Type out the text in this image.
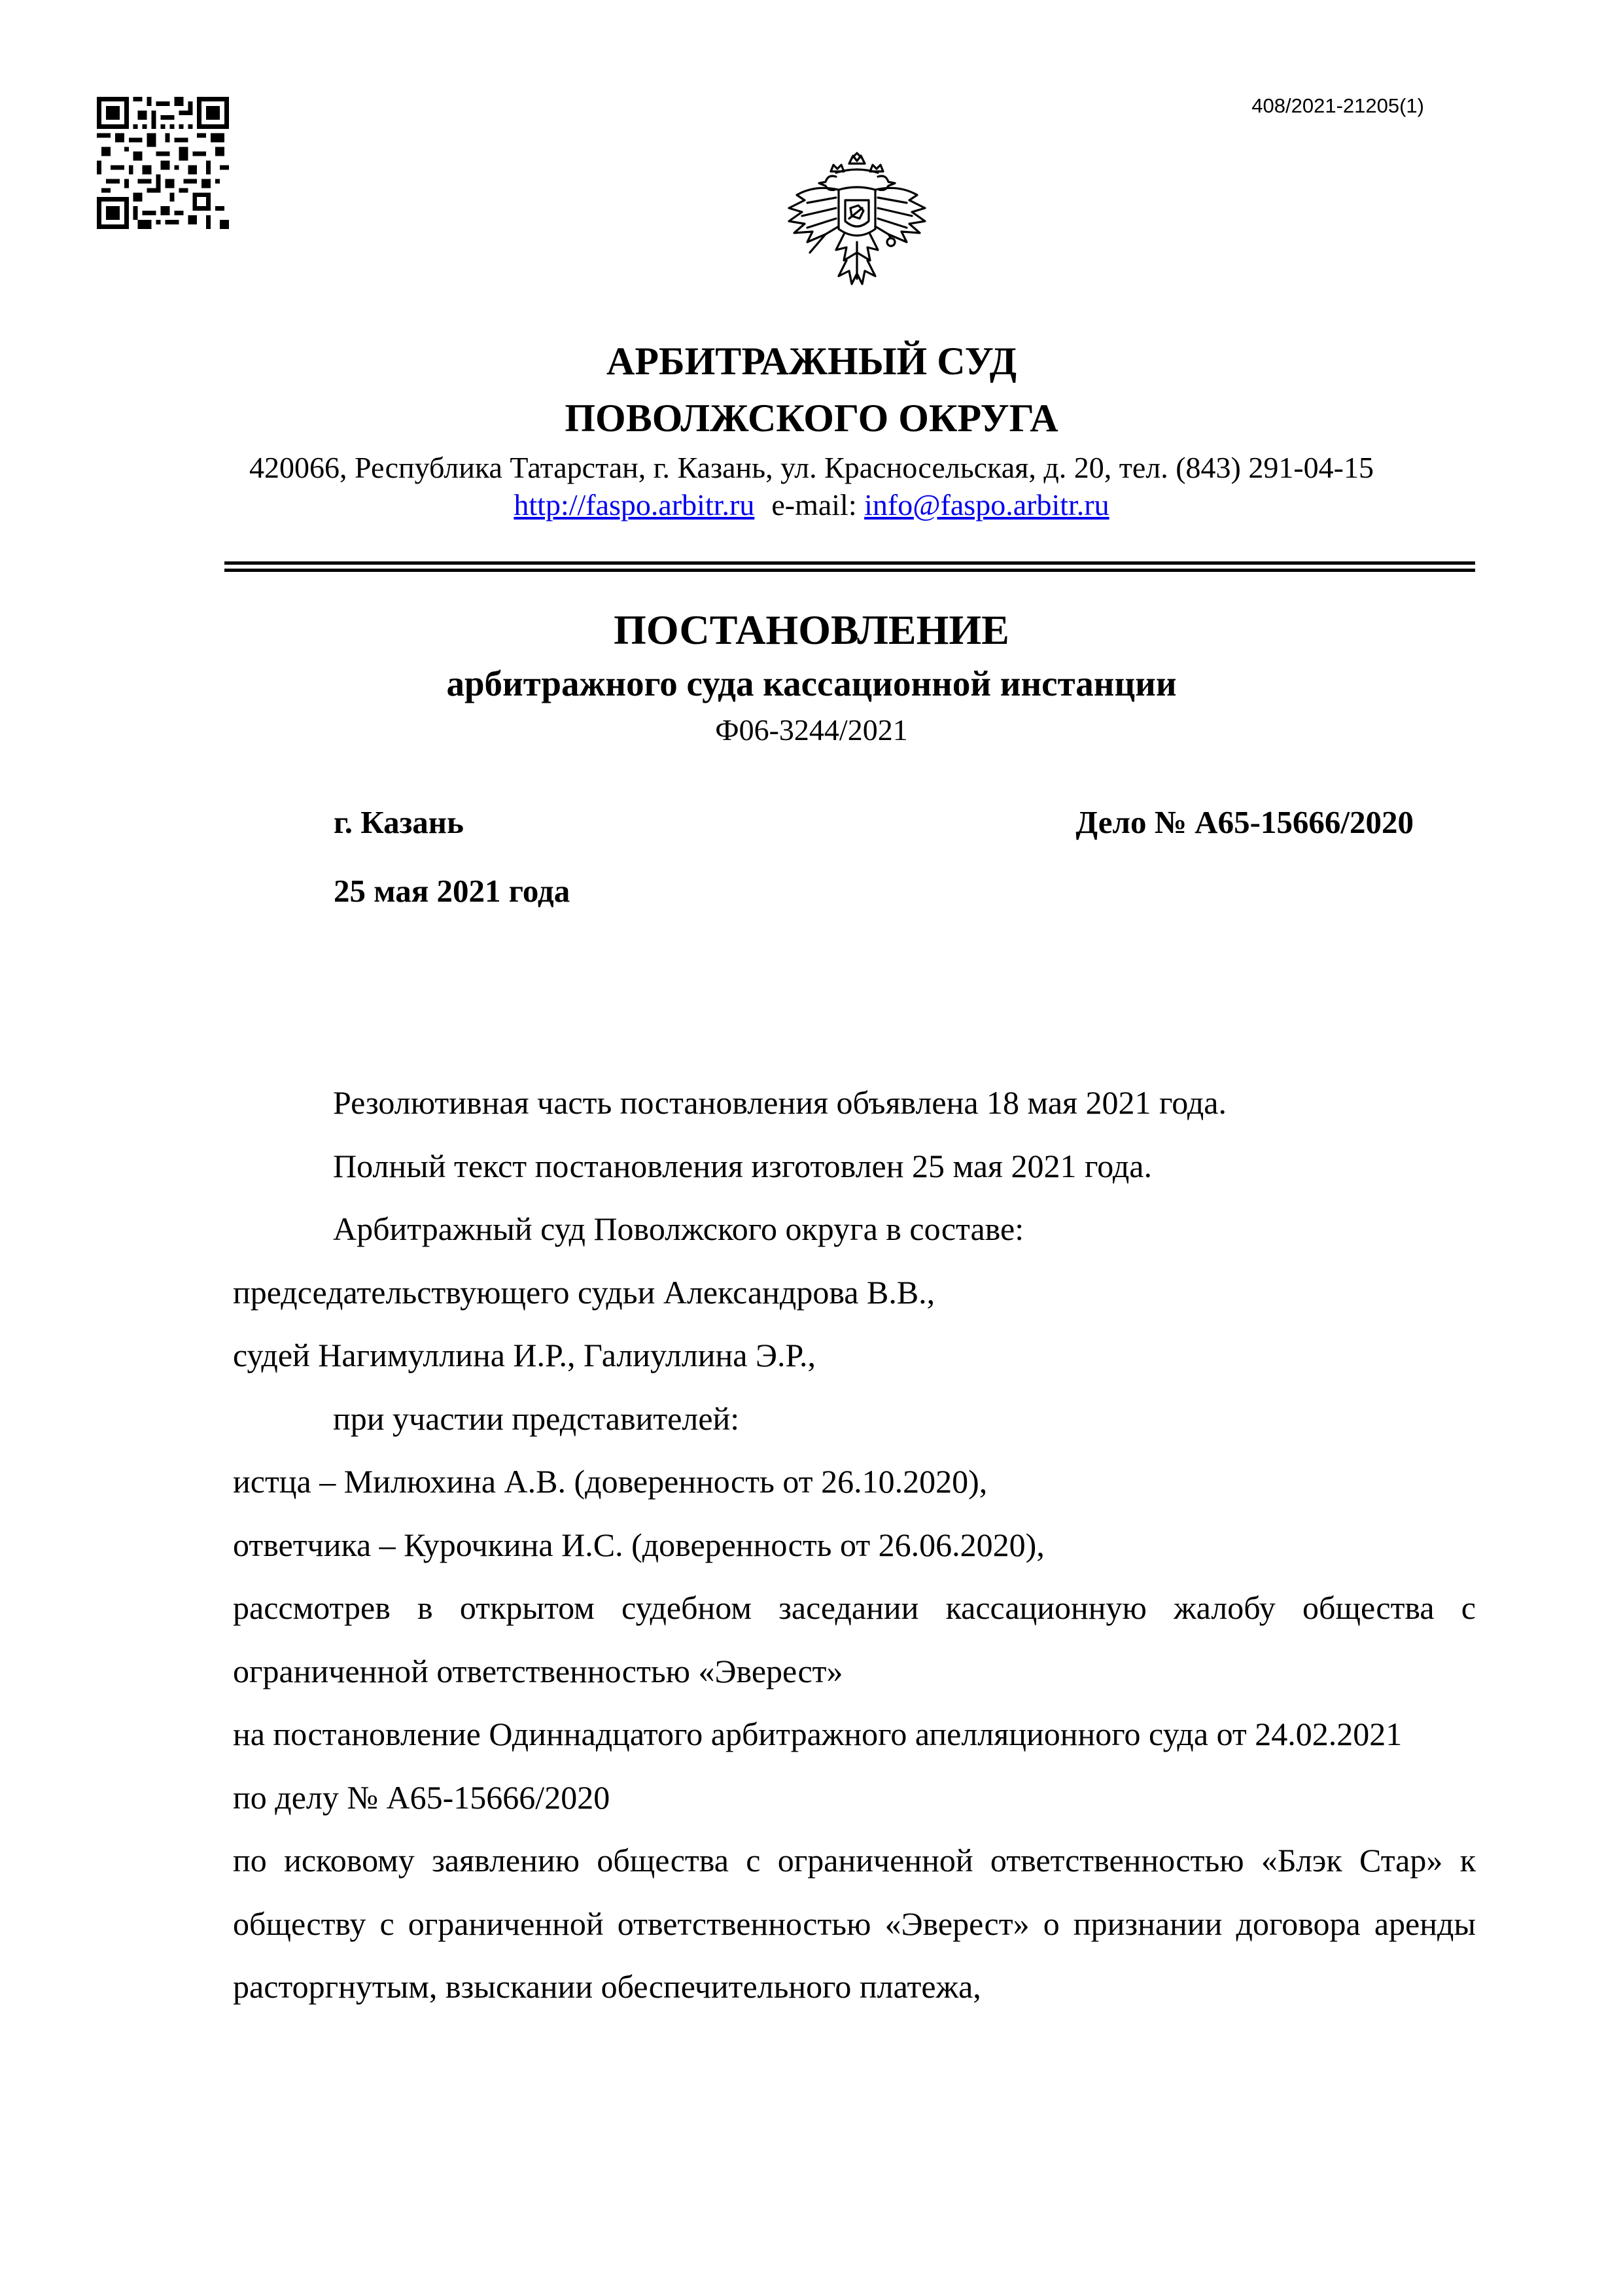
408/2021-21205(1)
АРБИТРАЖНЫЙ СУД
ПОВОЛЖСКОГО ОКРУГА
420066, Республика Татарстан, г. Казань, ул. Красносельская, д. 20, тел. (843) 291-04-15
http://faspo.arbitr.ru e-mail: info@faspo.arbitr.ru
ПОСТАНОВЛЕНИЕ
арбитражного суда кассационной инстанции
Ф06-3244/2021
г. Казань	Дело № А65-15666/2020
25 мая 2021 года

Резолютивная часть постановления объявлена 18 мая 2021 года.

Полный текст постановления изготовлен 25 мая 2021 года.

Арбитражный суд Поволжского округа в составе:

председательствующего судьи Александрова В.В.,

судей Нагимуллина И.Р., Галиуллина Э.Р.,

при участии представителей:

истца – Милюхина А.В. (доверенность от 26.10.2020),

ответчика – Курочкина И.С. (доверенность от 26.06.2020),

рассмотрев в открытом судебном заседании кассационную жалобу общества с ограниченной ответственностью «Эверест»

на постановление Одиннадцатого арбитражного апелляционного суда от 24.02.2021

по делу № А65-15666/2020

по исковому заявлению общества с ограниченной ответственностью «Блэк Стар» к обществу с ограниченной ответственностью «Эверест» о признании договора аренды расторгнутым, взыскании обеспечительного платежа,
